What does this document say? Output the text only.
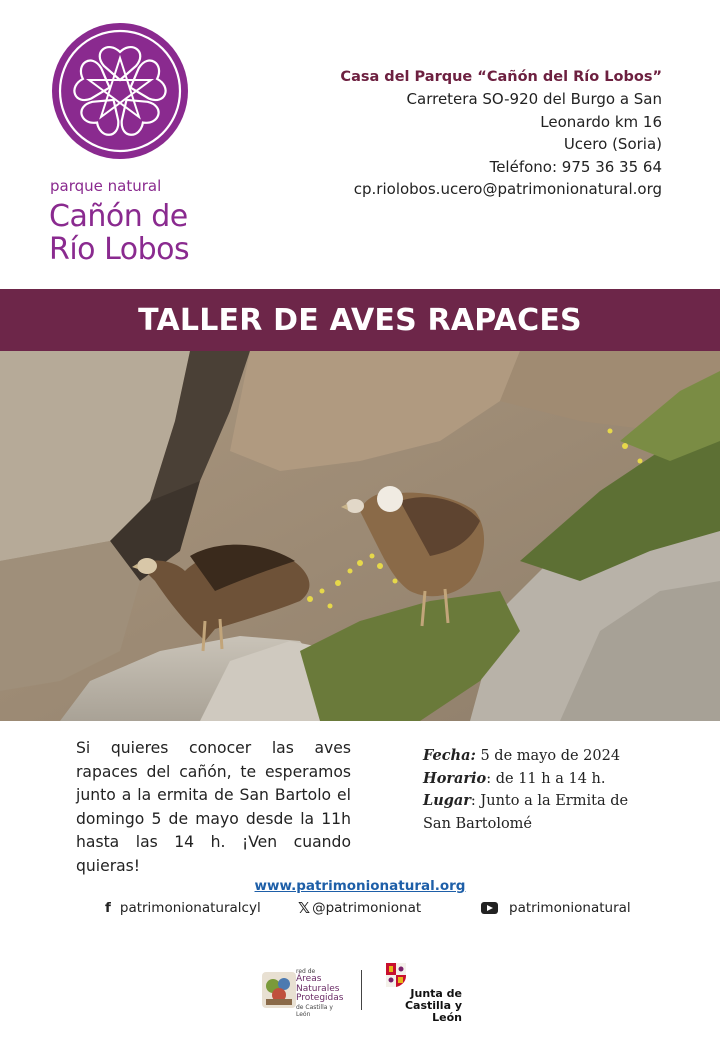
parque natural
Cañón de
Río Lobos
Casa del Parque “Cañón del Río Lobos”
Carretera SO-920 del Burgo a San
Leonardo km 16
Ucero (Soria)
Teléfono: 975 36 35 64
cp.riolobos.ucero@patrimonionatural.org
TALLER DE AVES RAPACES
Si quieres conocer las aves rapaces del cañón, te esperamos junto a la ermita de San Bartolo el domingo 5 de mayo desde la 11h hasta las 14 h. ¡Ven cuando quieras!
Fecha: 5 de mayo de 2024
Horario: de 11 h a 14 h.
Lugar: Junto a la Ermita de San Bartolomé
www.patrimonionatural.org
f patrimonionaturalcyl 𝕏 @patrimonionat	patrimonionatural
red de
Áreas
Naturales
Protegidas
de Castilla y León
Junta de
Castilla y León
